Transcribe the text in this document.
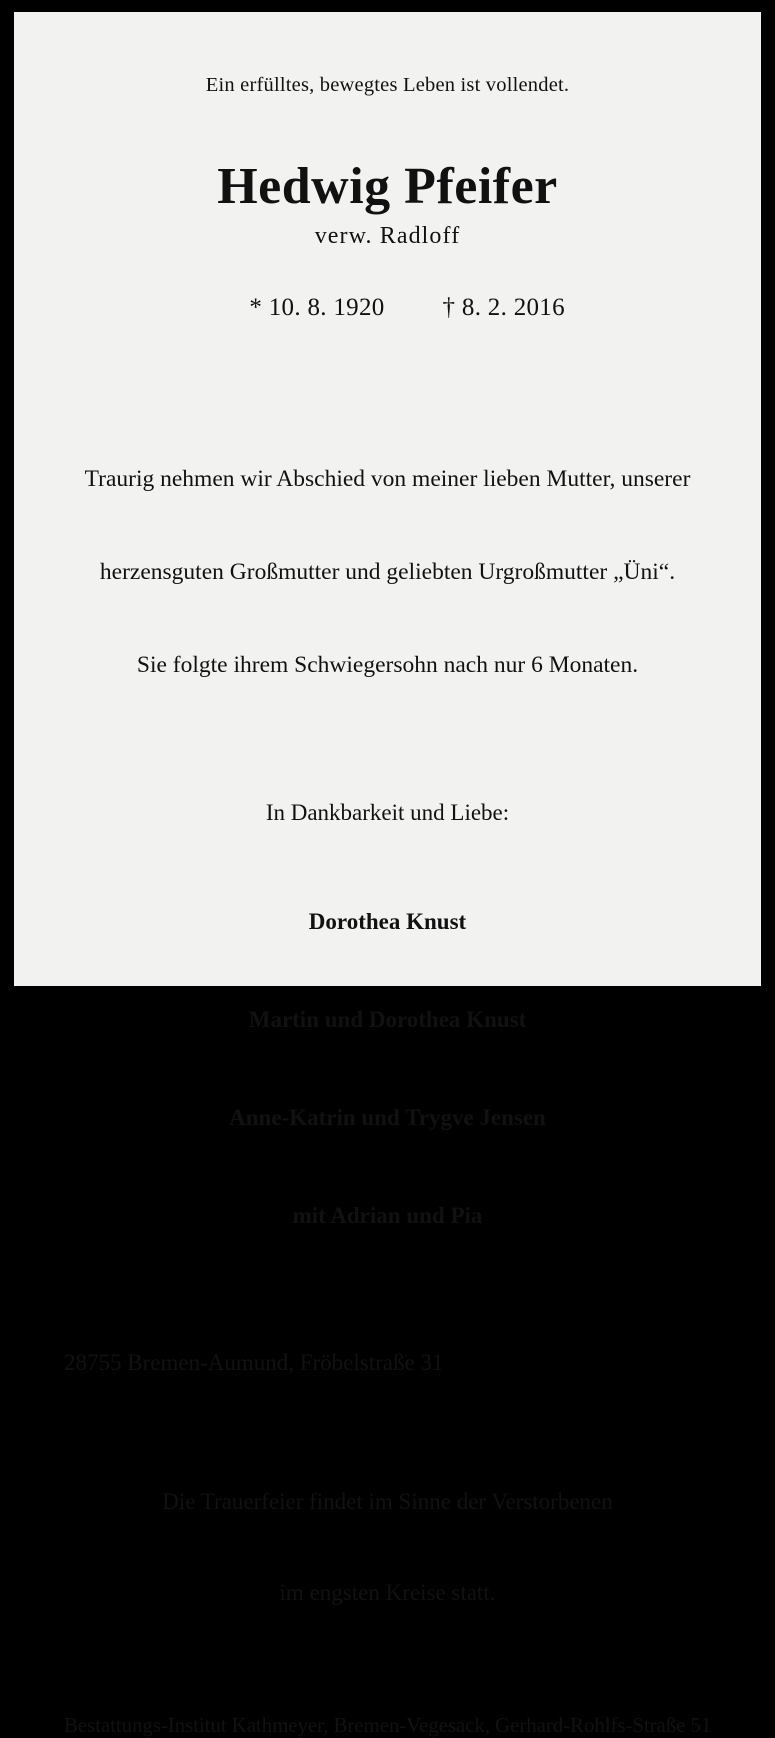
Ein erfülltes, bewegtes Leben ist vollendet.
Hedwig Pfeifer
verw. Radloff

* 10. 8. 1920 † 8. 2. 2016

Traurig nehmen wir Abschied von meiner lieben Mutter, unserer

herzensguten Großmutter und geliebten Urgroßmutter „Üni“.

Sie folgte ihrem Schwiegersohn nach nur 6 Monaten.

In Dankbarkeit und Liebe:

Dorothea Knust

Martin und Dorothea Knust

Anne-Katrin und Trygve Jensen

mit Adrian und Pia

28755 Bremen-Aumund, Fröbelstraße 31

Die Trauerfeier findet im Sinne der Verstorbenen

im engsten Kreise statt.

Bestattungs-Institut Kathmeyer, Bremen-Vegesack, Gerhard-Rohlfs-Straße 51
